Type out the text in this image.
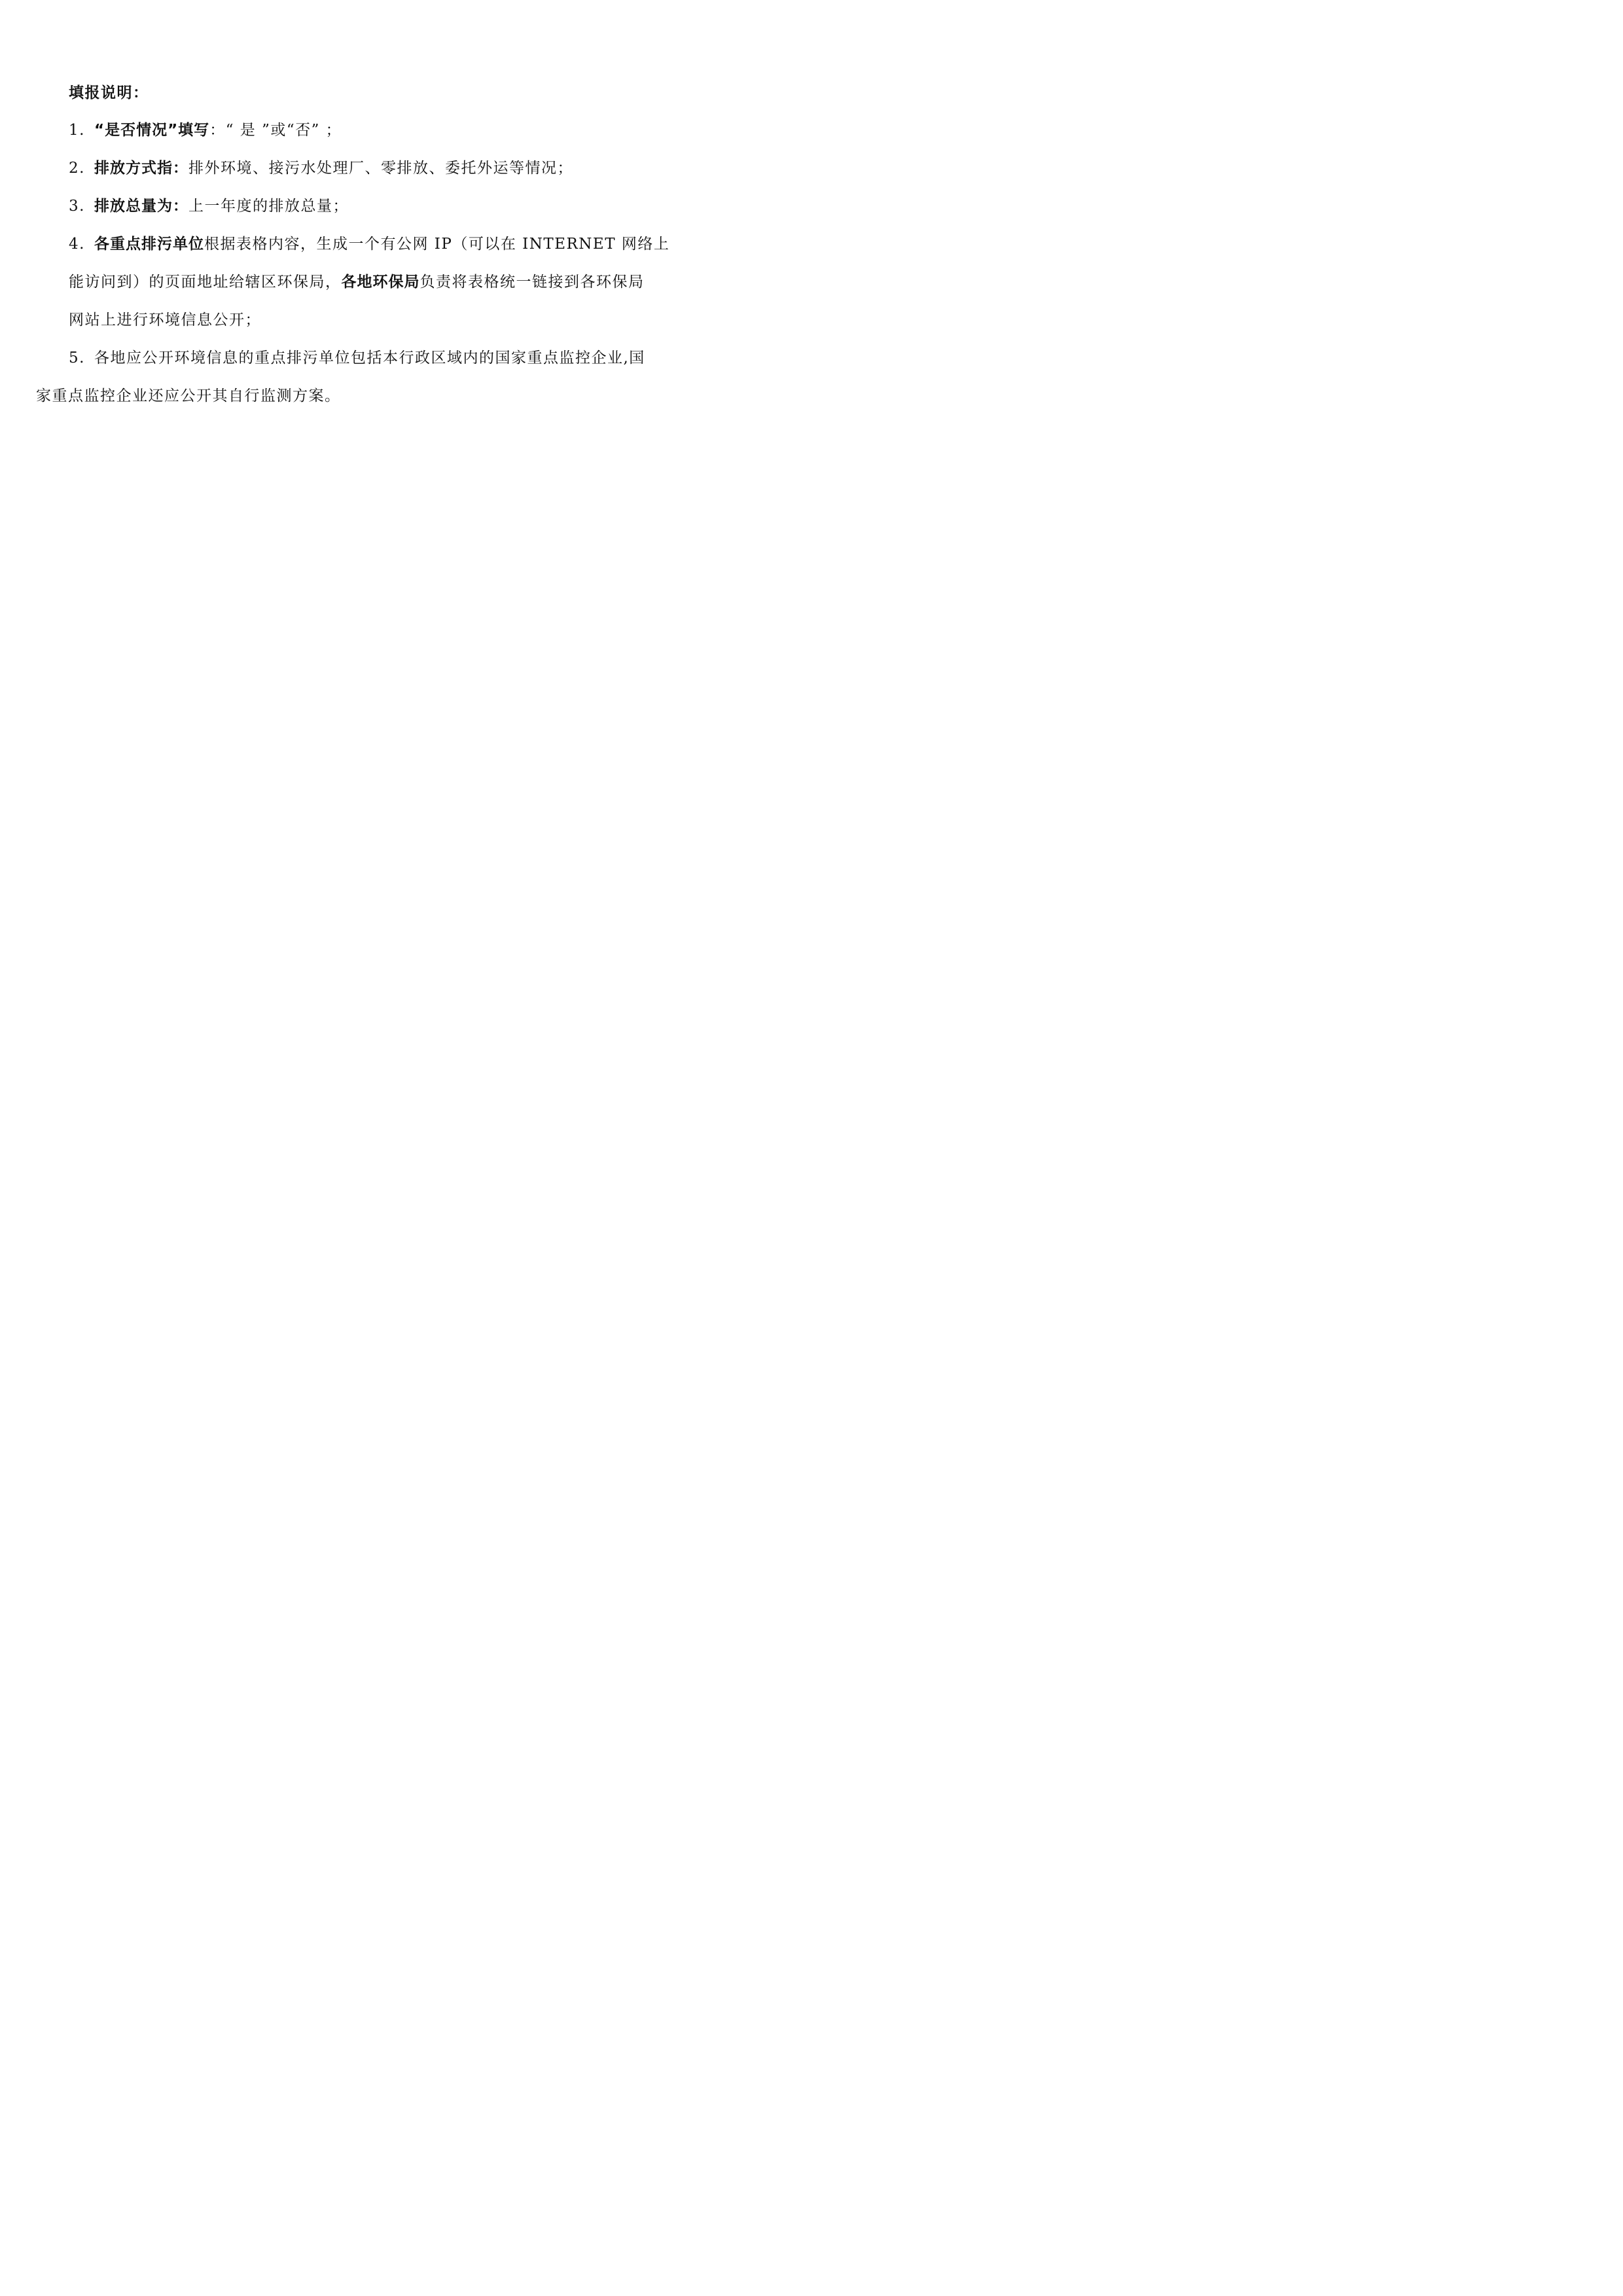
填报说明：
1. “是否情况”填写：“ 是 ”或“否” ；
2. 排放方式指：排外环境、接污水处理厂、零排放、委托外运等情况；
3. 排放总量为：上一年度的排放总量；
4. 各重点排污单位根据表格内容，生成一个有公网 IP（可以在 INTERNET 网络上
能访问到）的页面地址给辖区环保局，各地环保局负责将表格统一链接到各环保局
网站上进行环境信息公开；
5. 各地应公开环境信息的重点排污单位包括本行政区域内的国家重点监控企业,国
家重点监控企业还应公开其自行监测方案。
